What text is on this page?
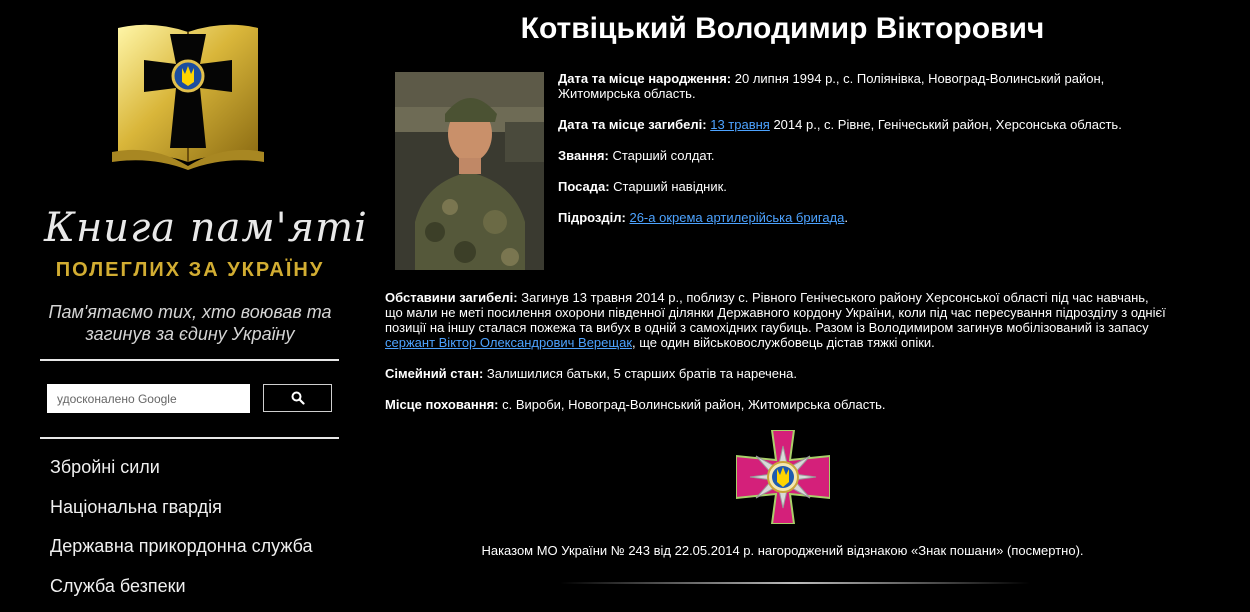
Книга пам'яті
ПОЛЕГЛИХ ЗА УКРАЇНУ
Пам'ятаємо тих, хто воював та загинув за єдину Україну
удосконалено Google
Збройні сили
Національна гвардія
Державна прикордонна служба
Служба безпеки
Котвіцький Володимир Вікторович

Дата та місце народження: 20 липня 1994 р., с. Поліянівка, Новоград-Волинський район, Житомирська область.

Дата та місце загибелі: 13 травня 2014 р., с. Рівне, Генічеський район, Херсонська область.

Звання: Старший солдат.

Посада: Старший навідник.

Підрозділ: 26-а окрема артилерійська бригада.

Обставини загибелі: Загинув 13 травня 2014 р., поблизу с. Рівного Генічеського району Херсонської області під час навчань, що мали не меті посилення охорони південної ділянки Державного кордону України, коли під час пересування підрозділу з однієї позиції на іншу сталася пожежа та вибух в одній з самохідних гаубиць. Разом із Володимиром загинув мобілізований із запасу сержант Віктор Олександрович Верещак, ще один військовослужбовець дістав тяжкі опіки.

Сімейний стан: Залишилися батьки, 5 старших братів та наречена.

Місце поховання: с. Вироби, Новоград-Волинський район, Житомирська область.

Наказом МО України № 243 від 22.05.2014 р. нагороджений відзнакою «Знак пошани» (посмертно).
